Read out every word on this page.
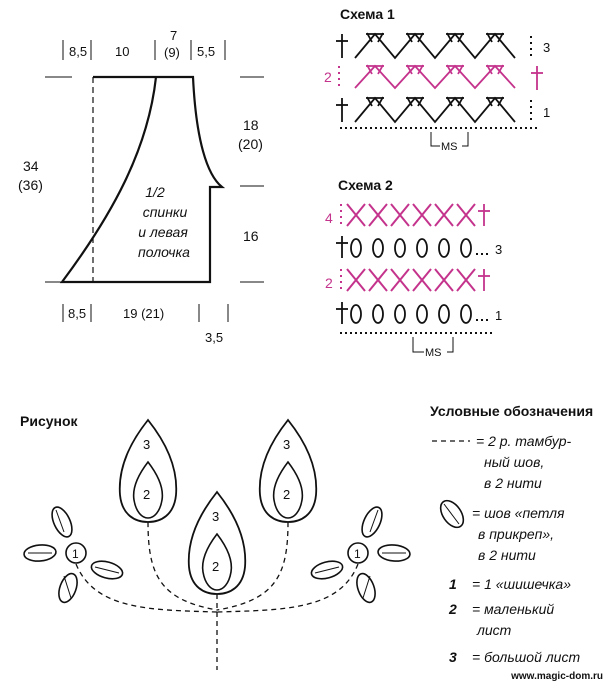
8,5 10
7
(9) 5,5
18
(20)
16
34
(36)
8,5	19 (21)
3,5
1/2
спинки
и левая
полочка
Схема 1
3
2
1
MS
Схема 2
4
3
2
1
MS
Рисунок
3
2
3
2
3
2
1	1
Условные обозначения
= 2 р. тамбур-
ный шов,
в 2 нити
= шов «петля
в прикреп»,
в 2 нити
1 = 1 «шишечка»
2 = маленький
лист
3 = большой лист
www.magic-dom.ru
